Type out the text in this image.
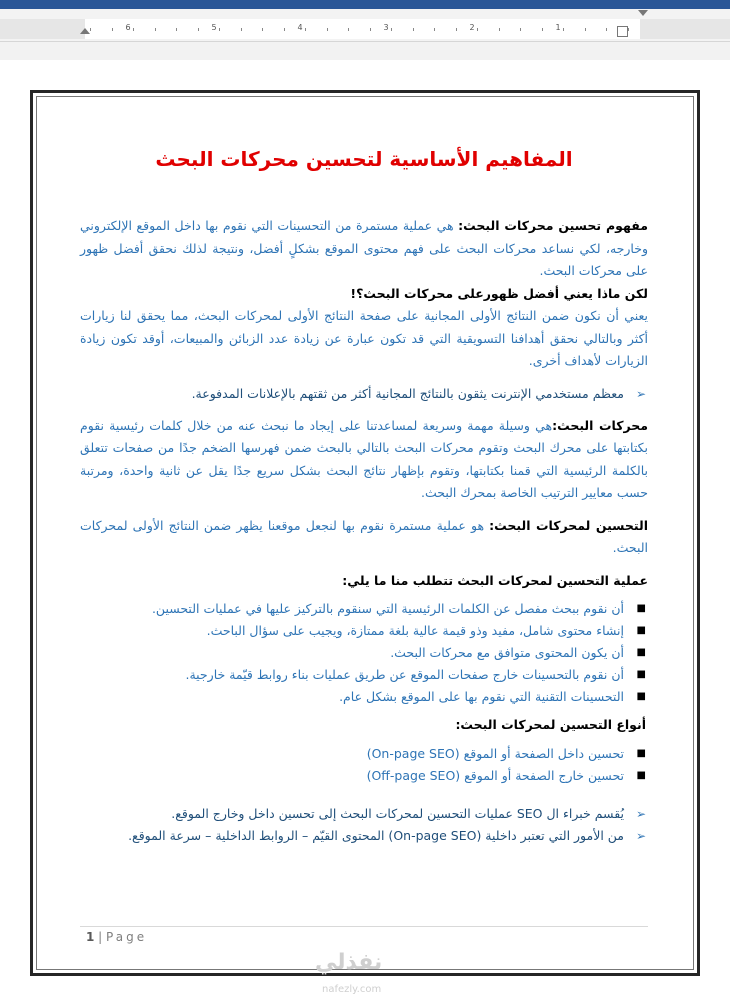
6	5	4	3	2	1
المفاهيم الأساسية لتحسين محركات البحث

مفهوم تحسين محركات البحث: هي عملية مستمرة من التحسينات التي نقوم بها داخل الموقع الإلكتروني وخارجه، لكي نساعد محركات البحث على فهم محتوى الموقع بشكلٍ أفضل، ونتيجة لذلك نحقق أفضل ظهور على محركات البحث.

لكن ماذا يعني أفضل ظهورعلى محركات البحث؟!

يعني أن نكون ضمن النتائج الأولى المجانية على صفحة النتائج الأولى لمحركات البحث، مما يحقق لنا زيارات أكثر وبالتالي نحقق أهدافنا التسويقية التي قد تكون عبارة عن زيادة عدد الزبائن والمبيعات، أوقد تكون زيادة الزيارات لأهداف أخرى.

➢
معظم مستخدمي الإنترنت يثقون بالنتائج المجانية أكثر من ثقتهم بالإعلانات المدفوعة.

محركات البحث:هي وسيلة مهمة وسريعة لمساعدتنا على إيجاد ما نبحث عنه من خلال كلمات رئيسية نقوم بكتابتها على محرك البحث وتقوم محركات البحث بالتالي بالبحث ضمن فهرسها الضخم جدًا من صفحات تتعلق بالكلمة الرئيسية التي قمنا بكتابتها، وتقوم بإظهار نتائج البحث بشكل سريع جدًا يقل عن ثانية واحدة، ومرتبة حسب معايير الترتيب الخاصة بمحرك البحث.

التحسين لمحركات البحث: هو عملية مستمرة نقوم بها لنجعل موقعنا يظهر ضمن النتائج الأولى لمحركات البحث.

عملية التحسين لمحركات البحث تتطلب منا ما يلي:

■
أن نقوم ببحث مفصل عن الكلمات الرئيسية التي سنقوم بالتركيز عليها في عمليات التحسين.
■
إنشاء محتوى شامل، مفيد وذو قيمة عالية بلغة ممتازة، ويجيب على سؤال الباحث.
■
أن يكون المحتوى متوافق مع محركات البحث.
■
أن نقوم بالتحسينات خارج صفحات الموقع عن طريق عمليات بناء روابط قيّمة خارجية.
■
التحسينات التقنية التي نقوم بها على الموقع بشكل عام.

أنواع التحسين لمحركات البحث:

■
تحسين داخل الصفحة أو الموقع (On-page SEO)
■
تحسين خارج الصفحة أو الموقع (Off-page SEO)
➢
يُقسم خبراء ال SEO عمليات التحسين لمحركات البحث إلى تحسين داخل وخارج الموقع.
➢
من الأمور التي تعتبر داخلية (On-page SEO) المحتوى القيّم – الروابط الداخلية – سرعة الموقع.
1 | Page
نفذلي
nafezly.com
